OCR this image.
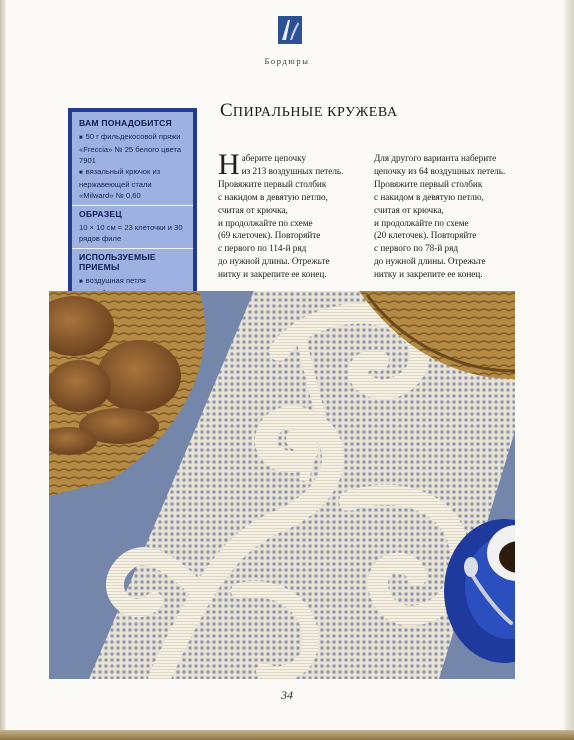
Бордюры
ВАМ ПОНАДОБИТСЯ
■ 50 г фильдекосовой пряжи «Freccia» № 25 белого цвета 7901
■ вязальный крючок из нержавеющей стали «Milward» № 0,60
ОБРАЗЕЦ

10 × 10 см = 23 клеточки и 30 рядов филе

ИСПОЛЬЗУЕМЫЕ ПРИЕМЫ
■ воздушная петля
СПИРАЛЬНЫЕ КРУЖЕВА
Н аберите цепочку
из 213 воздушных петель.
Провяжите первый столбик
с накидом в девятую петлю,
считая от крючка,
и продолжайте по схеме
(69 клеточек). Повторяйте
с первого по 114-й ряд
до нужной длины. Отрежьте
нитку и закрепите ее конец.

Для другого варианта наберите
цепочку из 64 воздушных петель.
Провяжите первый столбик
с накидом в девятую петлю,
считая от крючка,
и продолжайте по схеме
(20 клеточек). Повторяйте
с первого по 78-й ряд
до нужной длины. Отрежьте
нитку и закрепите ее конец.

34
